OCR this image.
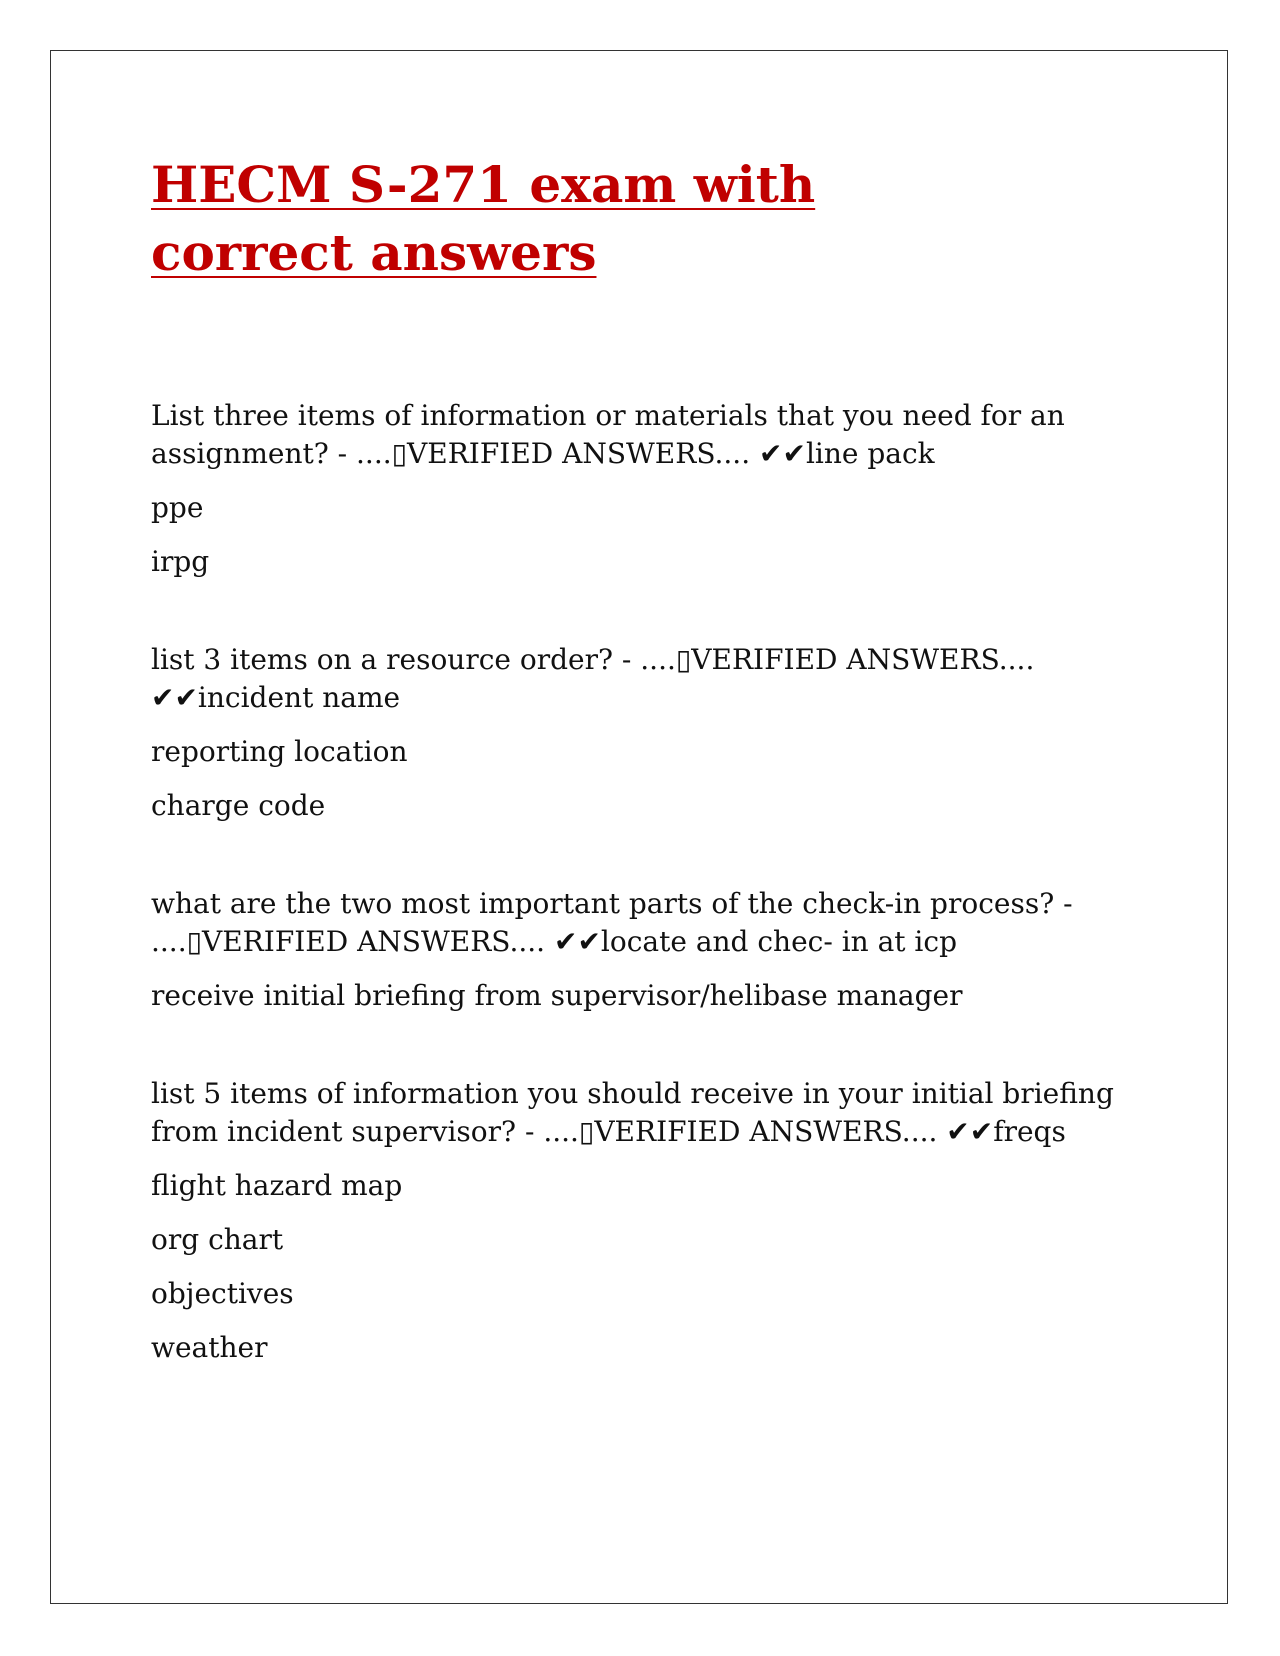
HECM S-271 exam with correct answers

List three items of information or materials that you need for an assignment? - ....▯VERIFIED ANSWERS.... ✔✔line pack

ppe
irpg

list 3 items on a resource order? - ....▯VERIFIED ANSWERS.... ✔✔incident name

reporting location
charge code

what are the two most important parts of the check-in process? - ....▯VERIFIED ANSWERS.... ✔✔locate and chec- in at icp

receive initial briefing from supervisor/helibase manager

list 5 items of information you should receive in your initial briefing from incident supervisor? - ....▯VERIFIED ANSWERS.... ✔✔freqs

flight hazard map
org chart
objectives
weather
